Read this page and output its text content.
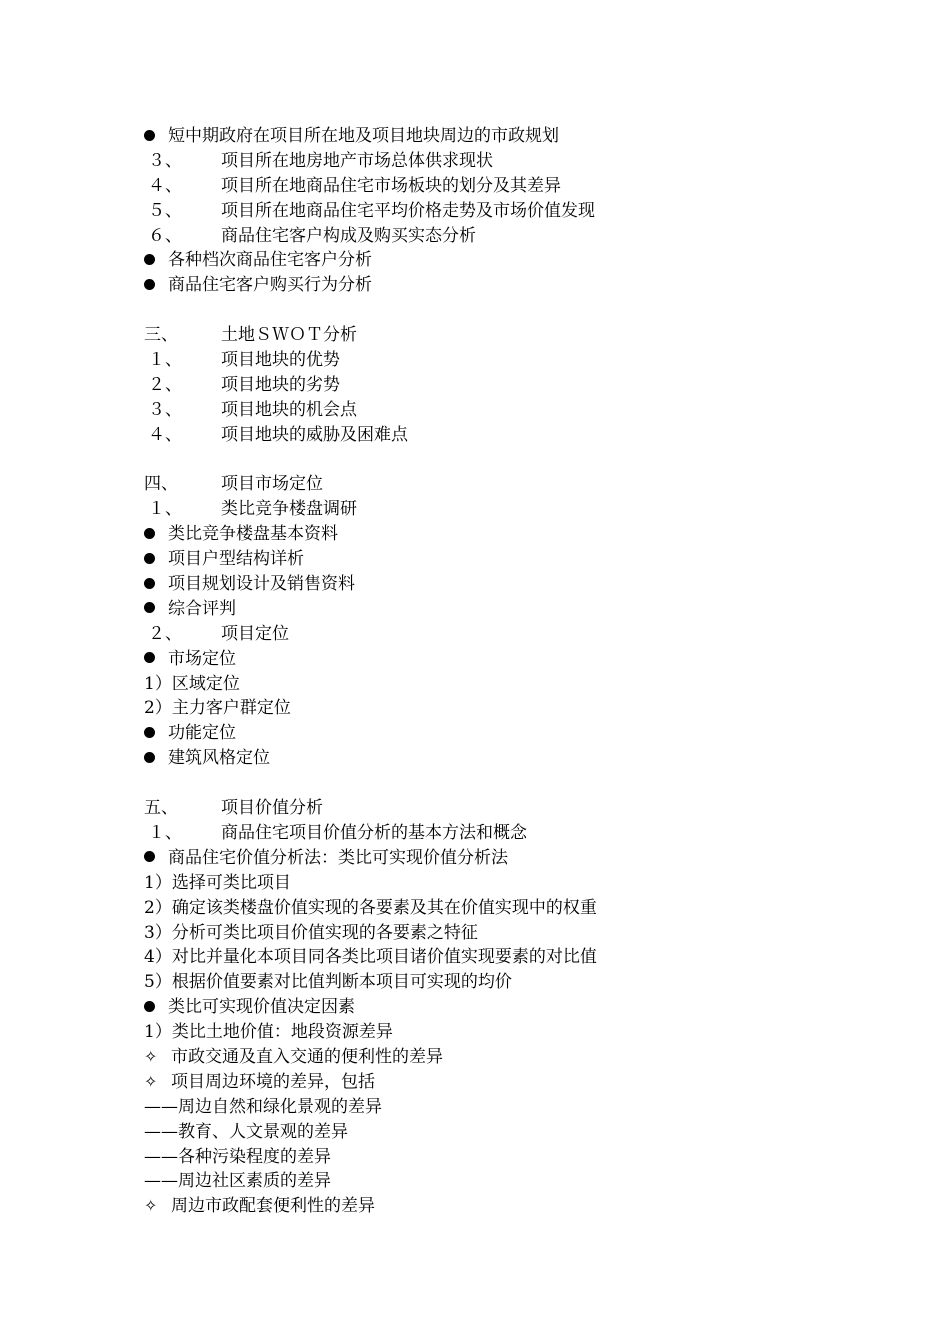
短中期政府在项目所在地及项目地块周边的市政规划
３、 项目所在地房地产市场总体供求现状
４、 项目所在地商品住宅市场板块的划分及其差异
５、 项目所在地商品住宅平均价格走势及市场价值发现
６、 商品住宅客户构成及购买实态分析
各种档次商品住宅客户分析
商品住宅客户购买行为分析
三、	土地ＳＷＯＴ分析
１、 项目地块的优势
２、 项目地块的劣势
３、 项目地块的机会点
４、 项目地块的威胁及困难点
四、	项目市场定位
１、 类比竞争楼盘调研
类比竞争楼盘基本资料
项目户型结构详析
项目规划设计及销售资料
综合评判
２、 项目定位
市场定位
1）区域定位
2）主力客户群定位
功能定位
建筑风格定位
五、	项目价值分析
１、 商品住宅项目价值分析的基本方法和概念
商品住宅价值分析法：类比可实现价值分析法
1）选择可类比项目
2）确定该类楼盘价值实现的各要素及其在价值实现中的权重
3）分析可类比项目价值实现的各要素之特征
4）对比并量化本项目同各类比项目诸价值实现要素的对比值
5）根据价值要素对比值判断本项目可实现的均价
类比可实现价值决定因素
1）类比土地价值：地段资源差异
✧ 市政交通及直入交通的便利性的差异
✧ 项目周边环境的差异，包括
——周边自然和绿化景观的差异
——教育、人文景观的差异
——各种污染程度的差异
——周边社区素质的差异
✧ 周边市政配套便利性的差异
